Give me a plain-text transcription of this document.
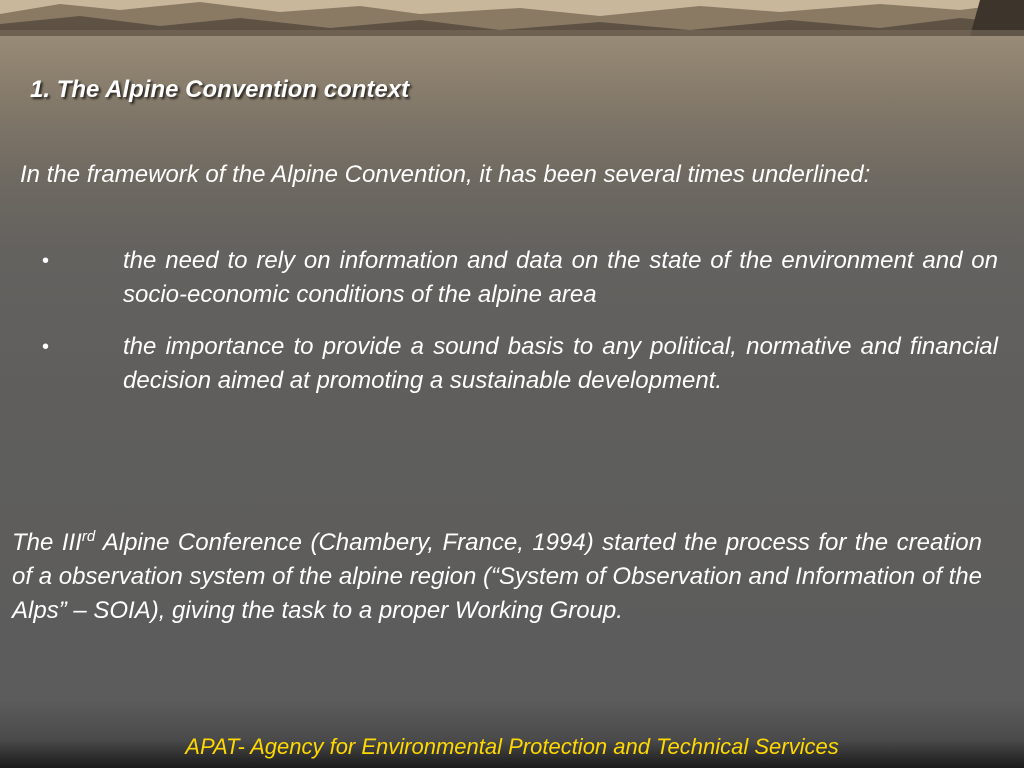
1. The Alpine Convention context

In the framework of the Alpine Convention, it has been several times underlined:

•	the need to rely on information and data on the state of the environment and on socio-economic conditions of the alpine area
•	the importance to provide a sound basis to any political, normative and financial decision aimed at promoting a sustainable development.

The IIIrd Alpine Conference (Chambery, France, 1994) started the process for the creation of a observation system of the alpine region (“System of Observation and Information of the Alps” – SOIA), giving the task to a proper Working Group.

APAT- Agency for Environmental Protection and Technical Services
